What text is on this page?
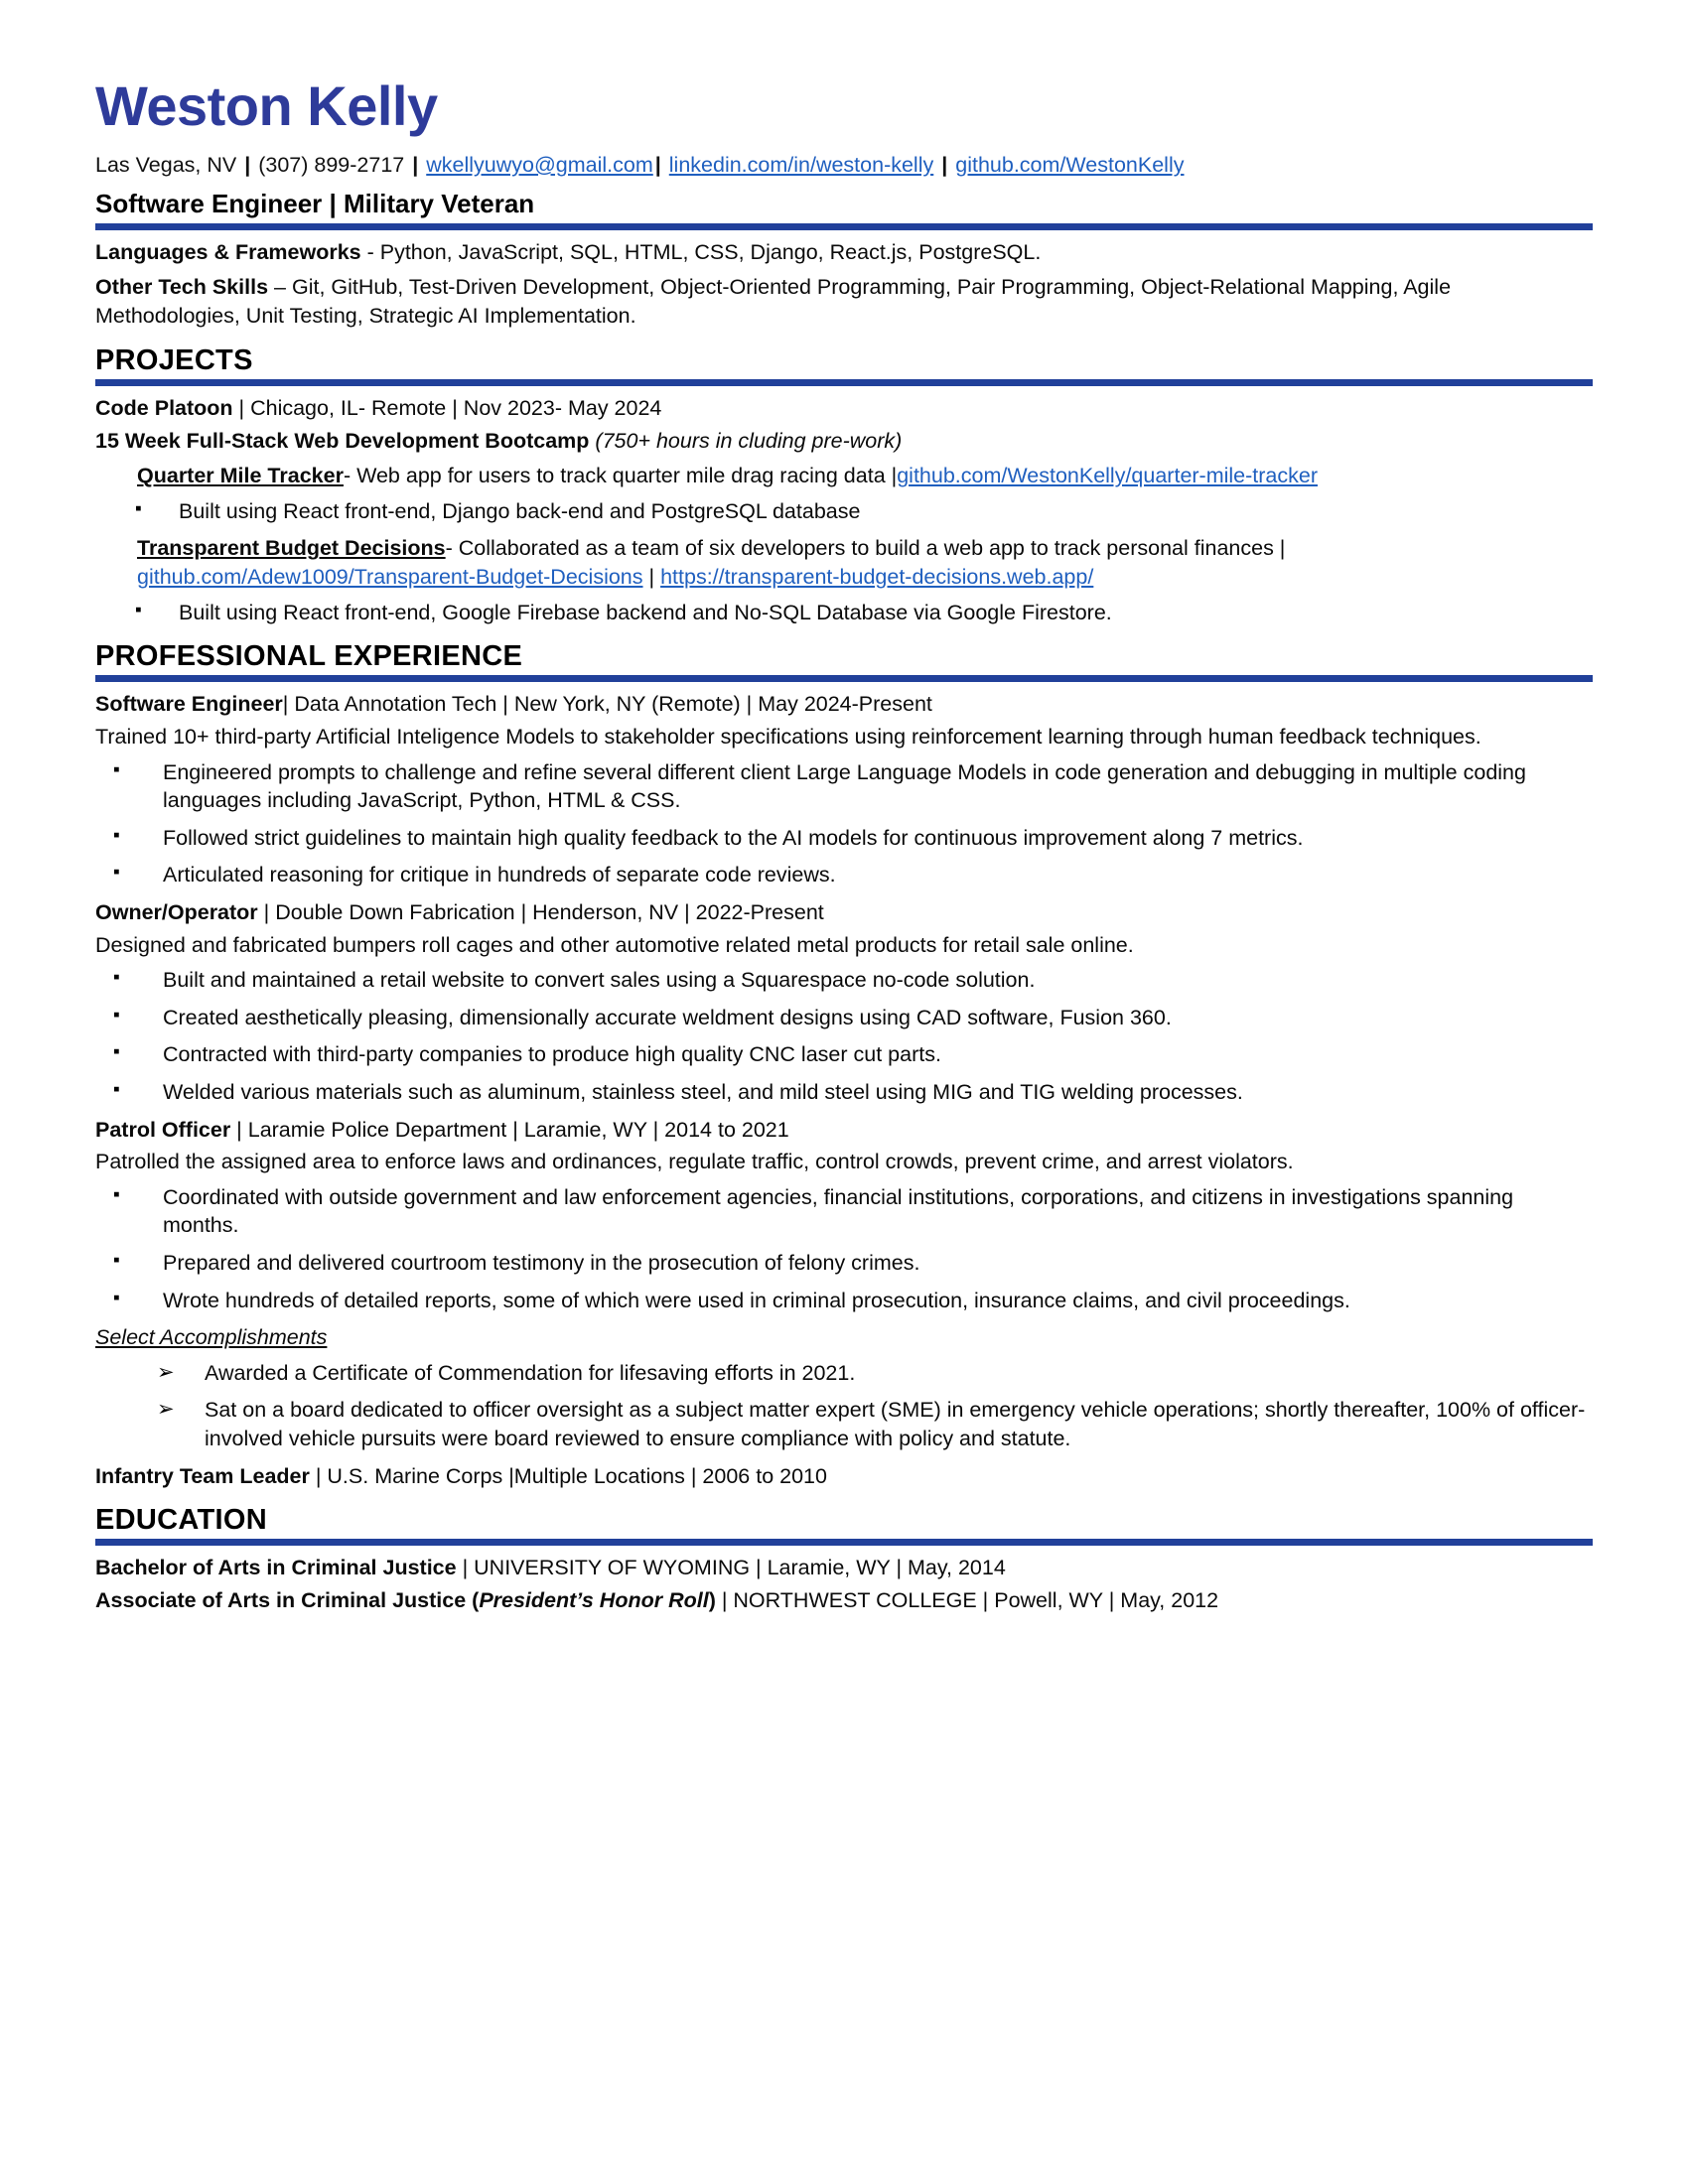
Weston Kelly
Las Vegas, NV | (307) 899-2717 | wkellyuwyo@gmail.com| linkedin.com/in/weston-kelly | github.com/WestonKelly
Software Engineer | Military Veteran
Languages & Frameworks - Python, JavaScript, SQL, HTML, CSS, Django, React.js, PostgreSQL.
Other Tech Skills – Git, GitHub, Test-Driven Development, Object-Oriented Programming, Pair Programming, Object-Relational Mapping, Agile Methodologies, Unit Testing, Strategic AI Implementation.
PROJECTS
Code Platoon | Chicago, IL- Remote | Nov 2023- May 2024
15 Week Full-Stack Web Development Bootcamp (750+ hours in cluding pre-work)
Quarter Mile Tracker- Web app for users to track quarter mile drag racing data |github.com/WestonKelly/quarter-mile-tracker
▪ Built using React front-end, Django back-end and PostgreSQL database
Transparent Budget Decisions- Collaborated as a team of six developers to build a web app to track personal finances |
github.com/Adew1009/Transparent-Budget-Decisions | https://transparent-budget-decisions.web.app/
▪ Built using React front-end, Google Firebase backend and No-SQL Database via Google Firestore.
PROFESSIONAL EXPERIENCE
Software Engineer| Data Annotation Tech | New York, NY (Remote) | May 2024-Present
Trained 10+ third-party Artificial Inteligence Models to stakeholder specifications using reinforcement learning through human feedback techniques.
▪ Engineered prompts to challenge and refine several different client Large Language Models in code generation and debugging in multiple coding languages including JavaScript, Python, HTML & CSS.
▪ Followed strict guidelines to maintain high quality feedback to the AI models for continuous improvement along 7 metrics.
▪ Articulated reasoning for critique in hundreds of separate code reviews.
Owner/Operator | Double Down Fabrication | Henderson, NV | 2022-Present
Designed and fabricated bumpers roll cages and other automotive related metal products for retail sale online.
▪ Built and maintained a retail website to convert sales using a Squarespace no-code solution.
▪ Created aesthetically pleasing, dimensionally accurate weldment designs using CAD software, Fusion 360.
▪ Contracted with third-party companies to produce high quality CNC laser cut parts.
▪ Welded various materials such as aluminum, stainless steel, and mild steel using MIG and TIG welding processes.
Patrol Officer | Laramie Police Department | Laramie, WY | 2014 to 2021
Patrolled the assigned area to enforce laws and ordinances, regulate traffic, control crowds, prevent crime, and arrest violators.
▪ Coordinated with outside government and law enforcement agencies, financial institutions, corporations, and citizens in investigations spanning months.
▪ Prepared and delivered courtroom testimony in the prosecution of felony crimes.
▪ Wrote hundreds of detailed reports, some of which were used in criminal prosecution, insurance claims, and civil proceedings.
Select Accomplishments
➢ Awarded a Certificate of Commendation for lifesaving efforts in 2021.
➢ Sat on a board dedicated to officer oversight as a subject matter expert (SME) in emergency vehicle operations; shortly thereafter, 100% of officer-involved vehicle pursuits were board reviewed to ensure compliance with policy and statute.
Infantry Team Leader | U.S. Marine Corps |Multiple Locations | 2006 to 2010
EDUCATION
Bachelor of Arts in Criminal Justice | UNIVERSITY OF WYOMING | Laramie, WY | May, 2014
Associate of Arts in Criminal Justice (President’s Honor Roll) | NORTHWEST COLLEGE | Powell, WY | May, 2012
